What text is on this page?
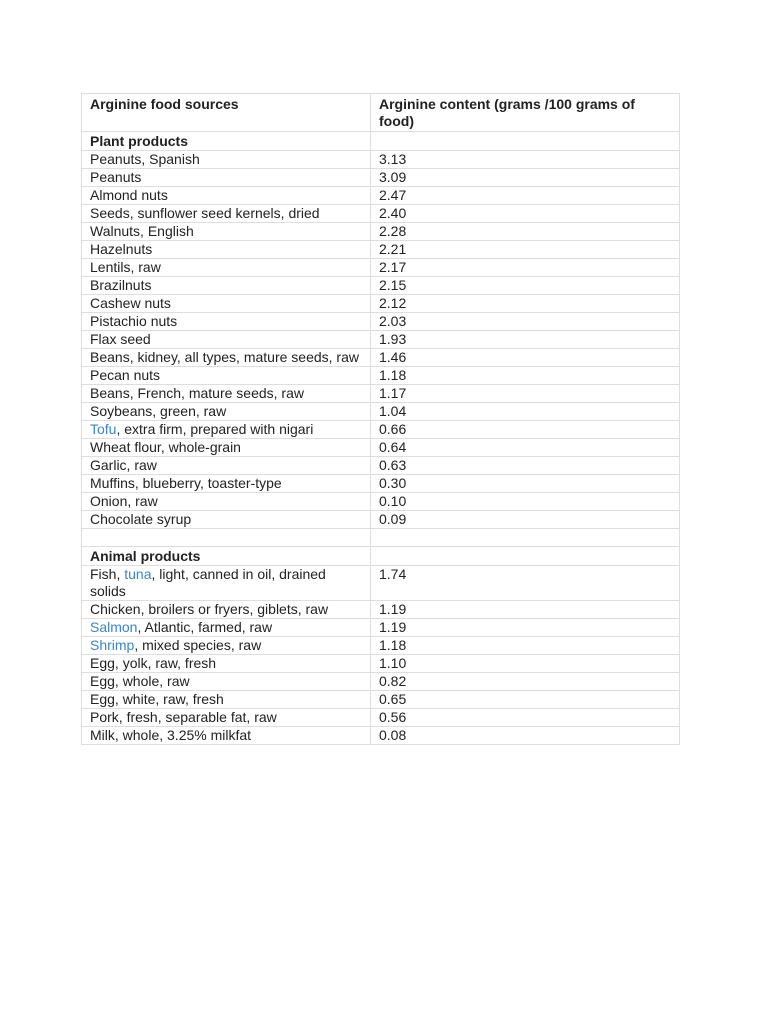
Arginine food sources	Arginine content (grams /100 grams of food)
Plant products	
Peanuts, Spanish	3.13
Peanuts	3.09
Almond nuts	2.47
Seeds, sunflower seed kernels, dried	2.40
Walnuts, English	2.28
Hazelnuts	2.21
Lentils, raw	2.17
Brazilnuts	2.15
Cashew nuts	2.12
Pistachio nuts	2.03
Flax seed	1.93
Beans, kidney, all types, mature seeds, raw	1.46
Pecan nuts	1.18
Beans, French, mature seeds, raw	1.17
Soybeans, green, raw	1.04
Tofu, extra firm, prepared with nigari	0.66
Wheat flour, whole-grain	0.64
Garlic, raw	0.63
Muffins, blueberry, toaster-type	0.30
Onion, raw	0.10
Chocolate syrup	0.09

Animal products	
Fish, tuna, light, canned in oil, drained solids	1.74
Chicken, broilers or fryers, giblets, raw	1.19
Salmon, Atlantic, farmed, raw	1.19
Shrimp, mixed species, raw	1.18
Egg, yolk, raw, fresh	1.10
Egg, whole, raw	0.82
Egg, white, raw, fresh	0.65
Pork, fresh, separable fat, raw	0.56
Milk, whole, 3.25% milkfat	0.08
